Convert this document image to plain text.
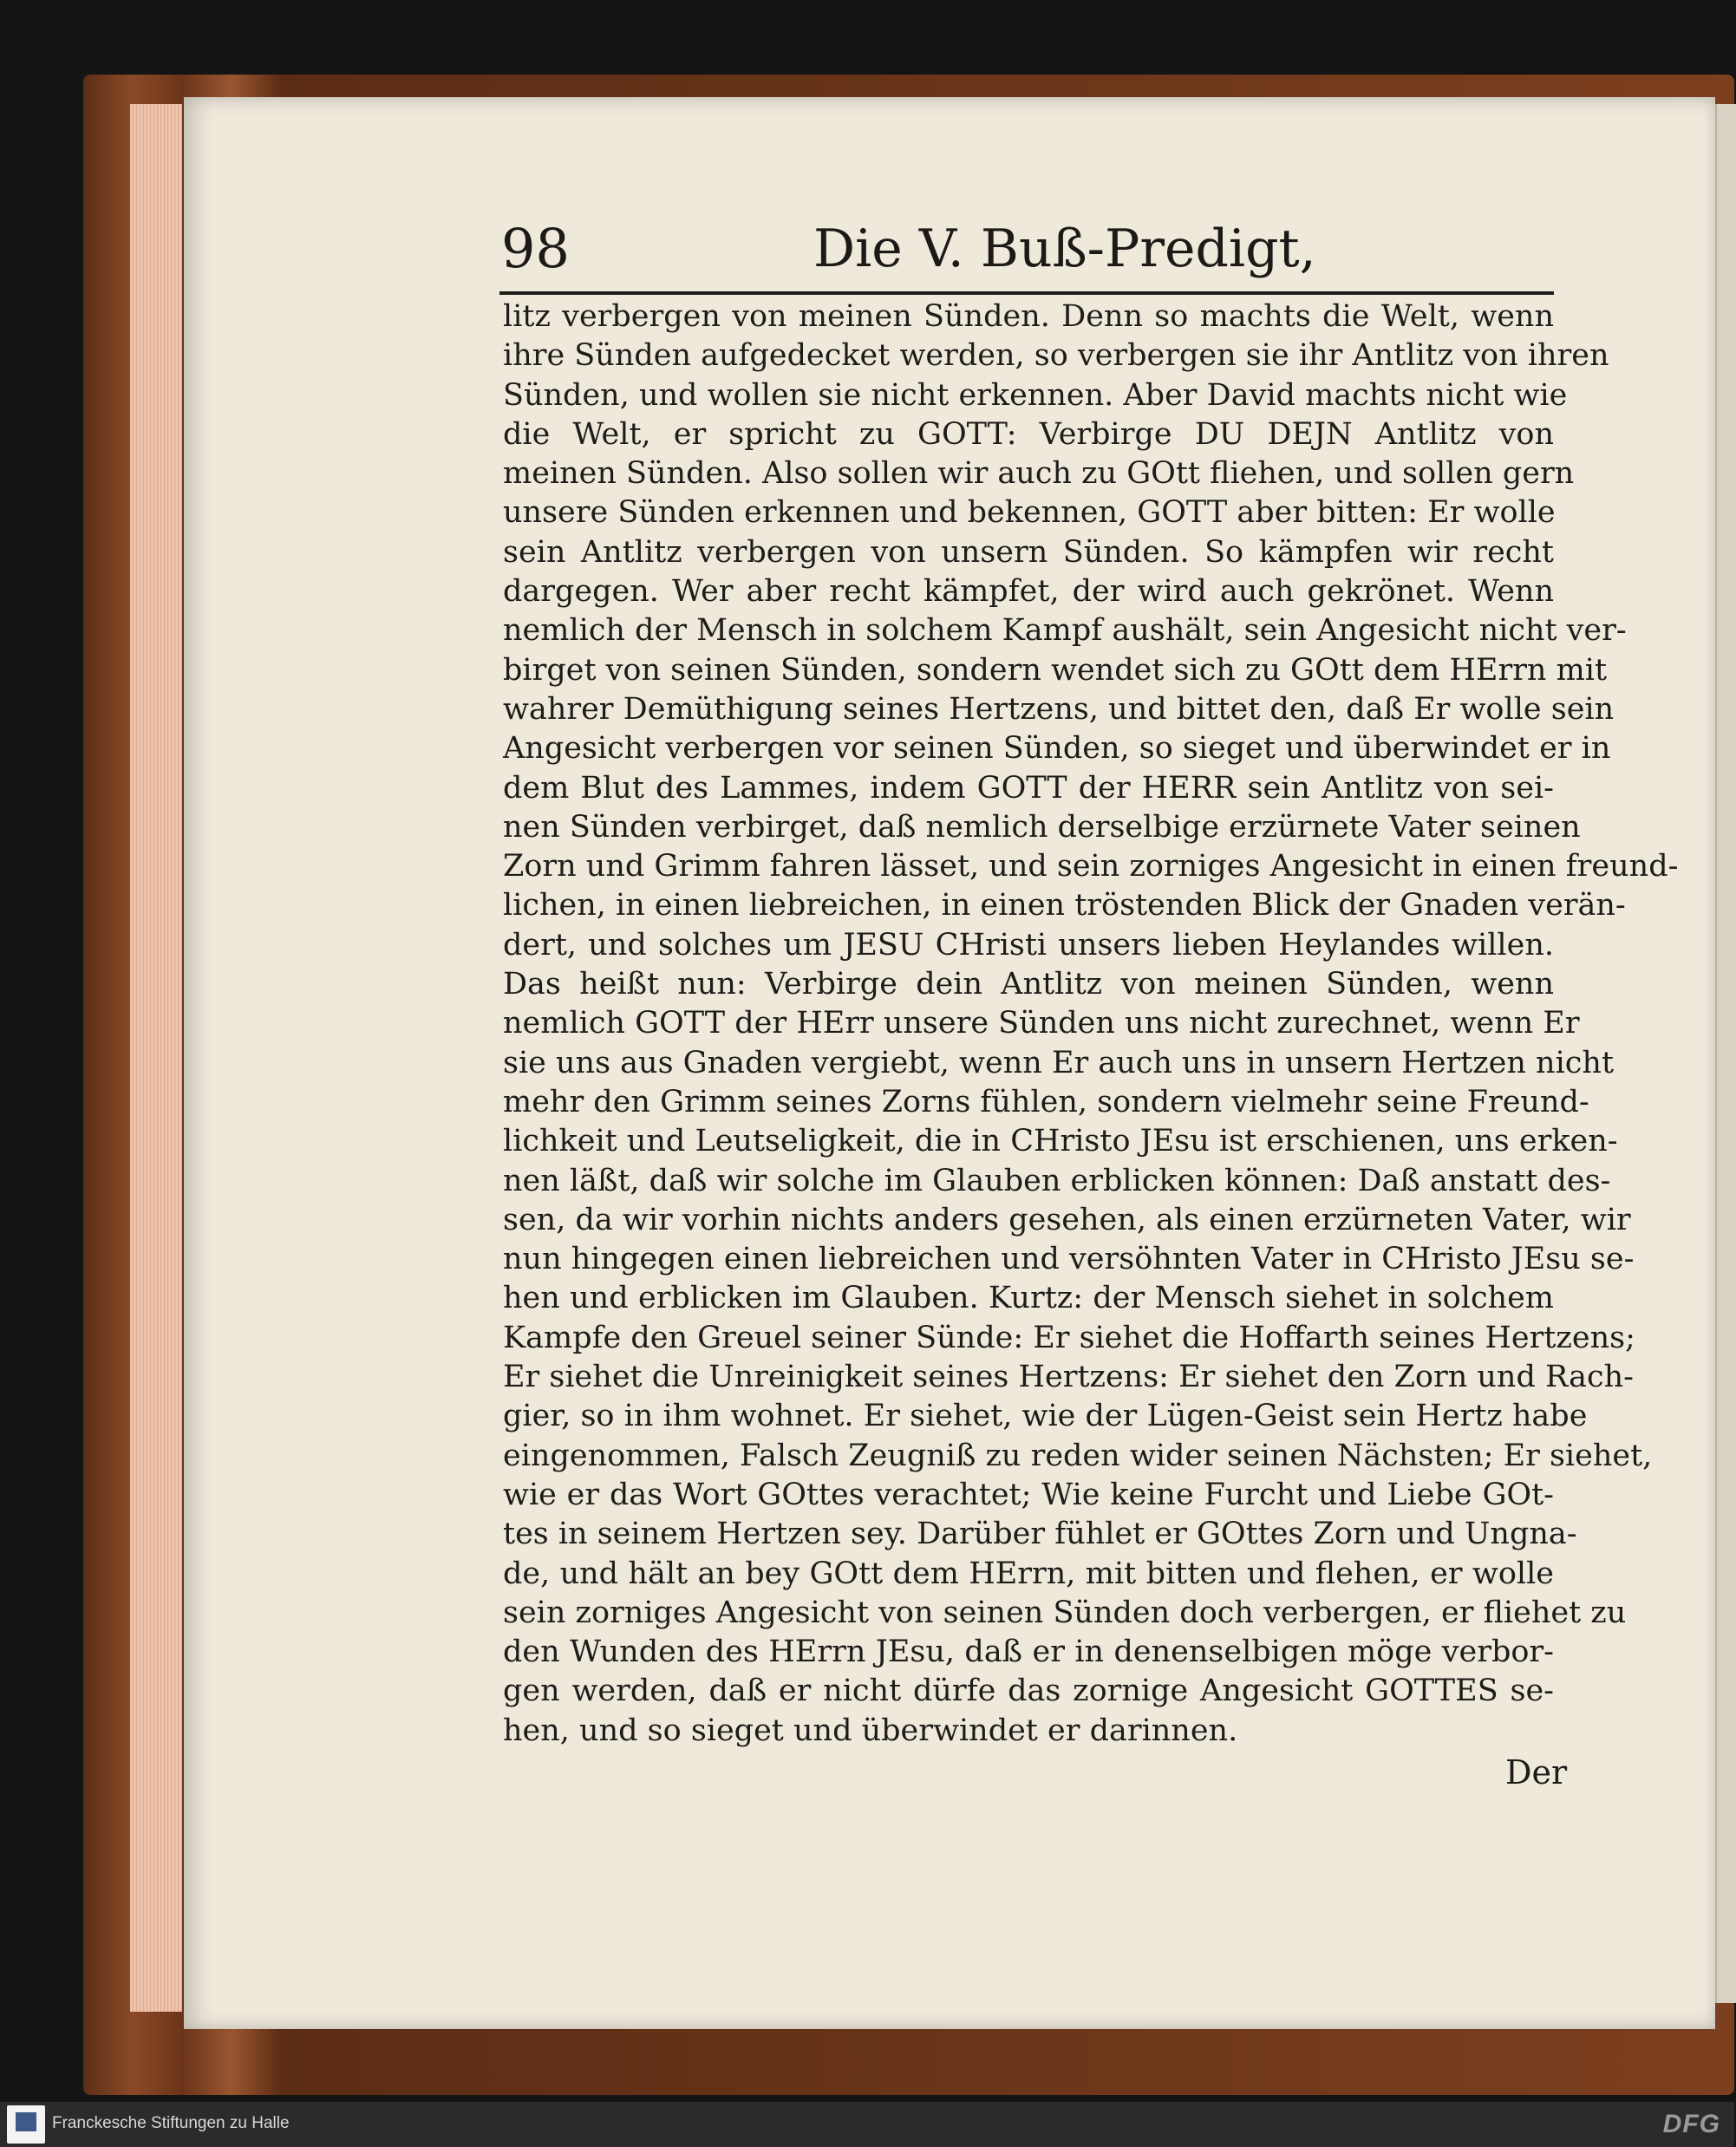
98	Die V. Buß-Predigt,
litz verbergen von meinen Sünden. Denn so machts die Welt, wenn
ihre Sünden aufgedecket werden, so verbergen sie ihr Antlitz von ihren
Sünden, und wollen sie nicht erkennen. Aber David machts nicht wie
die Welt, er spricht zu GOTT: Verbirge DU DEJN Antlitz von
meinen Sünden. Also sollen wir auch zu GOtt fliehen, und sollen gern
unsere Sünden erkennen und bekennen, GOTT aber bitten: Er wolle
sein Antlitz verbergen von unsern Sünden. So kämpfen wir recht
dargegen. Wer aber recht kämpfet, der wird auch gekrönet. Wenn
nemlich der Mensch in solchem Kampf aushält, sein Angesicht nicht ver-
birget von seinen Sünden, sondern wendet sich zu GOtt dem HErrn mit
wahrer Demüthigung seines Hertzens, und bittet den, daß Er wolle sein
Angesicht verbergen vor seinen Sünden, so sieget und überwindet er in
dem Blut des Lammes, indem GOTT der HERR sein Antlitz von sei-
nen Sünden verbirget, daß nemlich derselbige erzürnete Vater seinen
Zorn und Grimm fahren lässet, und sein zorniges Angesicht in einen freund-
lichen, in einen liebreichen, in einen tröstenden Blick der Gnaden verän-
dert, und solches um JESU CHristi unsers lieben Heylandes willen.
Das heißt nun: Verbirge dein Antlitz von meinen Sünden, wenn
nemlich GOTT der HErr unsere Sünden uns nicht zurechnet, wenn Er
sie uns aus Gnaden vergiebt, wenn Er auch uns in unsern Hertzen nicht
mehr den Grimm seines Zorns fühlen, sondern vielmehr seine Freund-
lichkeit und Leutseligkeit, die in CHristo JEsu ist erschienen, uns erken-
nen läßt, daß wir solche im Glauben erblicken können: Daß anstatt des-
sen, da wir vorhin nichts anders gesehen, als einen erzürneten Vater, wir
nun hingegen einen liebreichen und versöhnten Vater in CHristo JEsu se-
hen und erblicken im Glauben. Kurtz: der Mensch siehet in solchem
Kampfe den Greuel seiner Sünde: Er siehet die Hoffarth seines Hertzens;
Er siehet die Unreinigkeit seines Hertzens: Er siehet den Zorn und Rach-
gier, so in ihm wohnet. Er siehet, wie der Lügen-Geist sein Hertz habe
eingenommen, Falsch Zeugniß zu reden wider seinen Nächsten; Er siehet,
wie er das Wort GOttes verachtet; Wie keine Furcht und Liebe GOt-
tes in seinem Hertzen sey. Darüber fühlet er GOttes Zorn und Ungna-
de, und hält an bey GOtt dem HErrn, mit bitten und flehen, er wolle
sein zorniges Angesicht von seinen Sünden doch verbergen, er fliehet zu
den Wunden des HErrn JEsu, daß er in denenselbigen möge verbor-
gen werden, daß er nicht dürfe das zornige Angesicht GOTTES se-
hen, und so sieget und überwindet er darinnen.
Der
Franckesche Stiftungen zu Halle	DFG
